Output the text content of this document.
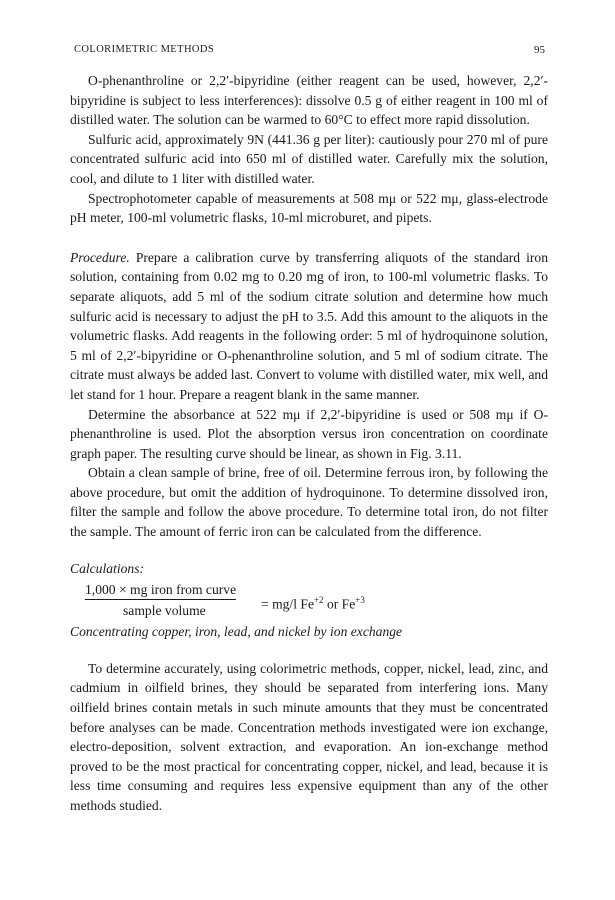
COLORIMETRIC METHODS	95

O-phenanthroline or 2,2′-bipyridine (either reagent can be used, however, 2,2′-bipyridine is subject to less interferences): dissolve 0.5 g of either reagent in 100 ml of distilled water. The solution can be warmed to 60°C to effect more rapid dissolution.

Sulfuric acid, approximately 9N (441.36 g per liter): cautiously pour 270 ml of pure concentrated sulfuric acid into 650 ml of distilled water. Carefully mix the solution, cool, and dilute to 1 liter with distilled water.

Spectrophotometer capable of measurements at 508 mμ or 522 mμ, glass-electrode pH meter, 100-ml volumetric flasks, 10-ml microburet, and pipets.

Procedure. Prepare a calibration curve by transferring aliquots of the standard iron solution, containing from 0.02 mg to 0.20 mg of iron, to 100-ml volumetric flasks. To separate aliquots, add 5 ml of the sodium citrate solution and determine how much sulfuric acid is necessary to adjust the pH to 3.5. Add this amount to the aliquots in the volumetric flasks. Add reagents in the following order: 5 ml of hydroquinone solution, 5 ml of 2,2′-bipyridine or O-phenanthroline solution, and 5 ml of sodium citrate. The citrate must always be added last. Convert to volume with distilled water, mix well, and let stand for 1 hour. Prepare a reagent blank in the same manner.

Determine the absorbance at 522 mμ if 2,2′-bipyridine is used or 508 mμ if O-phenanthroline is used. Plot the absorption versus iron concentration on coordinate graph paper. The resulting curve should be linear, as shown in Fig. 3.11.

Obtain a clean sample of brine, free of oil. Determine ferrous iron, by following the above procedure, but omit the addition of hydroquinone. To determine dissolved iron, filter the sample and follow the above procedure. To determine total iron, do not filter the sample. The amount of ferric iron can be calculated from the difference.

Calculations:

1,000 × mg iron from curve
sample volume	= mg/l $Fe^{+2}$ or $Fe^{+3}$

Concentrating copper, iron, lead, and nickel by ion exchange

To determine accurately, using colorimetric methods, copper, nickel, lead, zinc, and cadmium in oilfield brines, they should be separated from interfering ions. Many oilfield brines contain metals in such minute amounts that they must be concentrated before analyses can be made. Concentration methods investigated were ion exchange, electro-deposition, solvent extraction, and evaporation. An ion-exchange method proved to be the most practical for concentrating copper, nickel, and lead, because it is less time consuming and requires less expensive equipment than any of the other methods studied.
